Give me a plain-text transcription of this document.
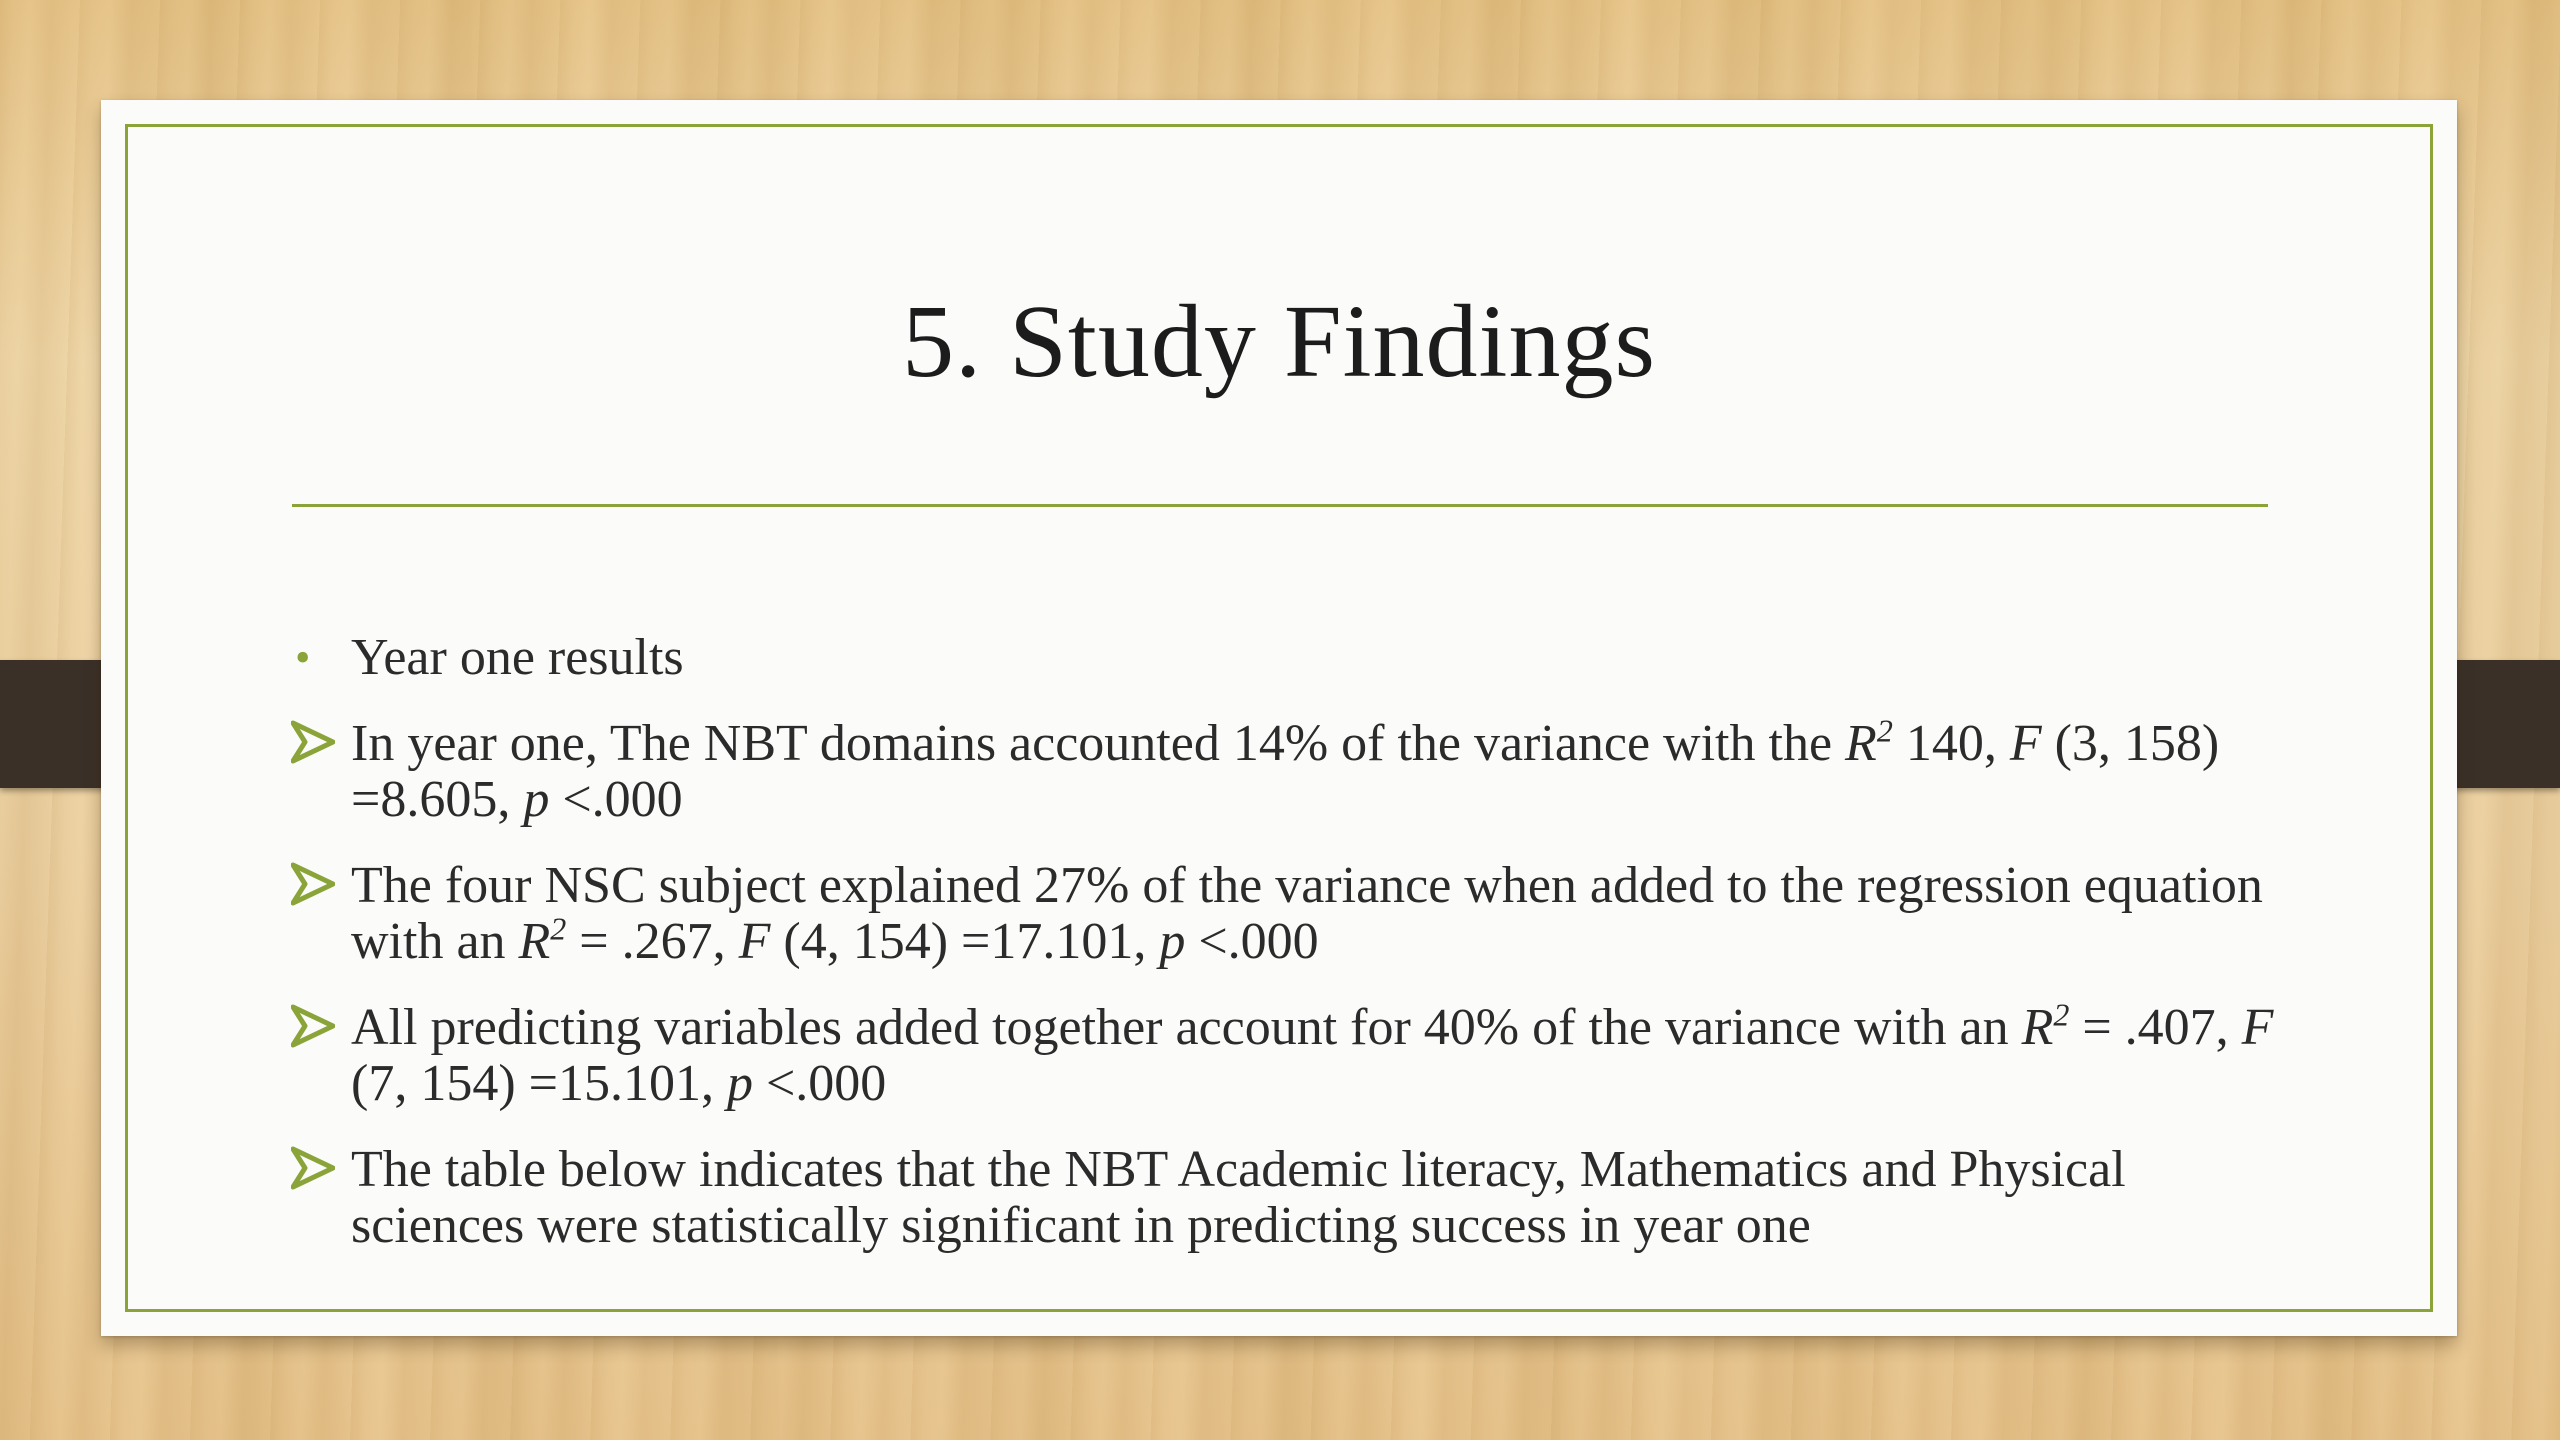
5. Study Findings
• Year one results
In year one, The NBT domains accounted 14% of the variance with the $R^2$ 140, F (3, 158) =8.605, p <.000
The four NSC subject explained 27% of the variance when added to the regression equation with an $R^2 = .267$, F (4, 154) =17.101, p <.000
All predicting variables added together account for 40% of the variance with an $R^2 = .407$, F (7, 154) =15.101, p <.000
The table below indicates that the NBT Academic literacy, Mathematics and Physical sciences were statistically significant in predicting success in year one
